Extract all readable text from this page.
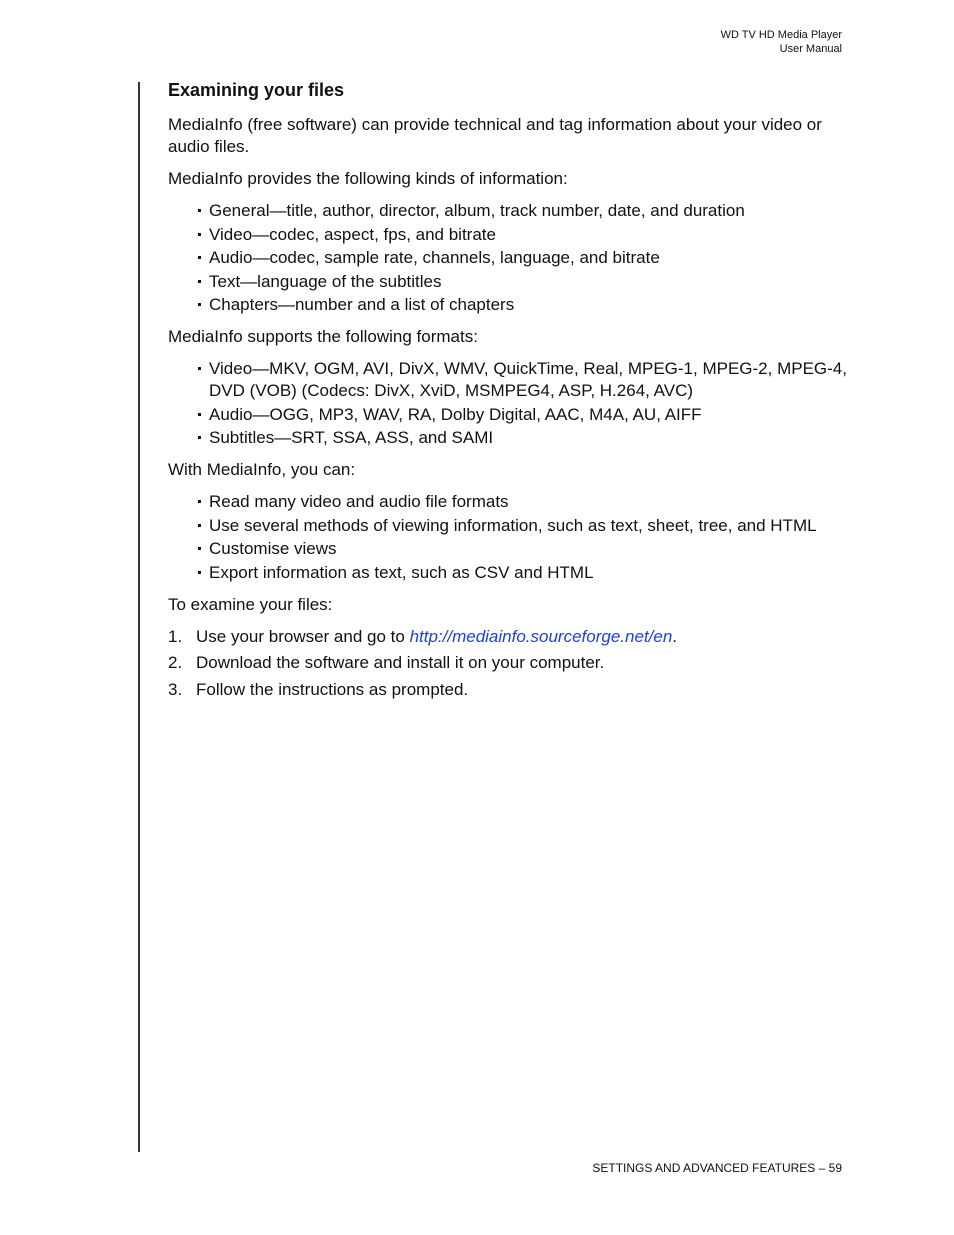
WD TV HD Media Player
User Manual
Examining your files

MediaInfo (free software) can provide technical and tag information about your video or audio files.

MediaInfo provides the following kinds of information:

General—title, author, director, album, track number, date, and duration
Video—codec, aspect, fps, and bitrate
Audio—codec, sample rate, channels, language, and bitrate
Text—language of the subtitles
Chapters—number and a list of chapters

MediaInfo supports the following formats:

Video—MKV, OGM, AVI, DivX, WMV, QuickTime, Real, MPEG-1, MPEG-2, MPEG-4, DVD (VOB) (Codecs: DivX, XviD, MSMPEG4, ASP, H.264, AVC)
Audio—OGG, MP3, WAV, RA, Dolby Digital, AAC, M4A, AU, AIFF
Subtitles—SRT, SSA, ASS, and SAMI

With MediaInfo, you can:

Read many video and audio file formats
Use several methods of viewing information, such as text, sheet, tree, and HTML
Customise views
Export information as text, such as CSV and HTML

To examine your files:

1. Use your browser and go to http://mediainfo.sourceforge.net/en.
2. Download the software and install it on your computer.
3. Follow the instructions as prompted.
SETTINGS AND ADVANCED FEATURES – 59
